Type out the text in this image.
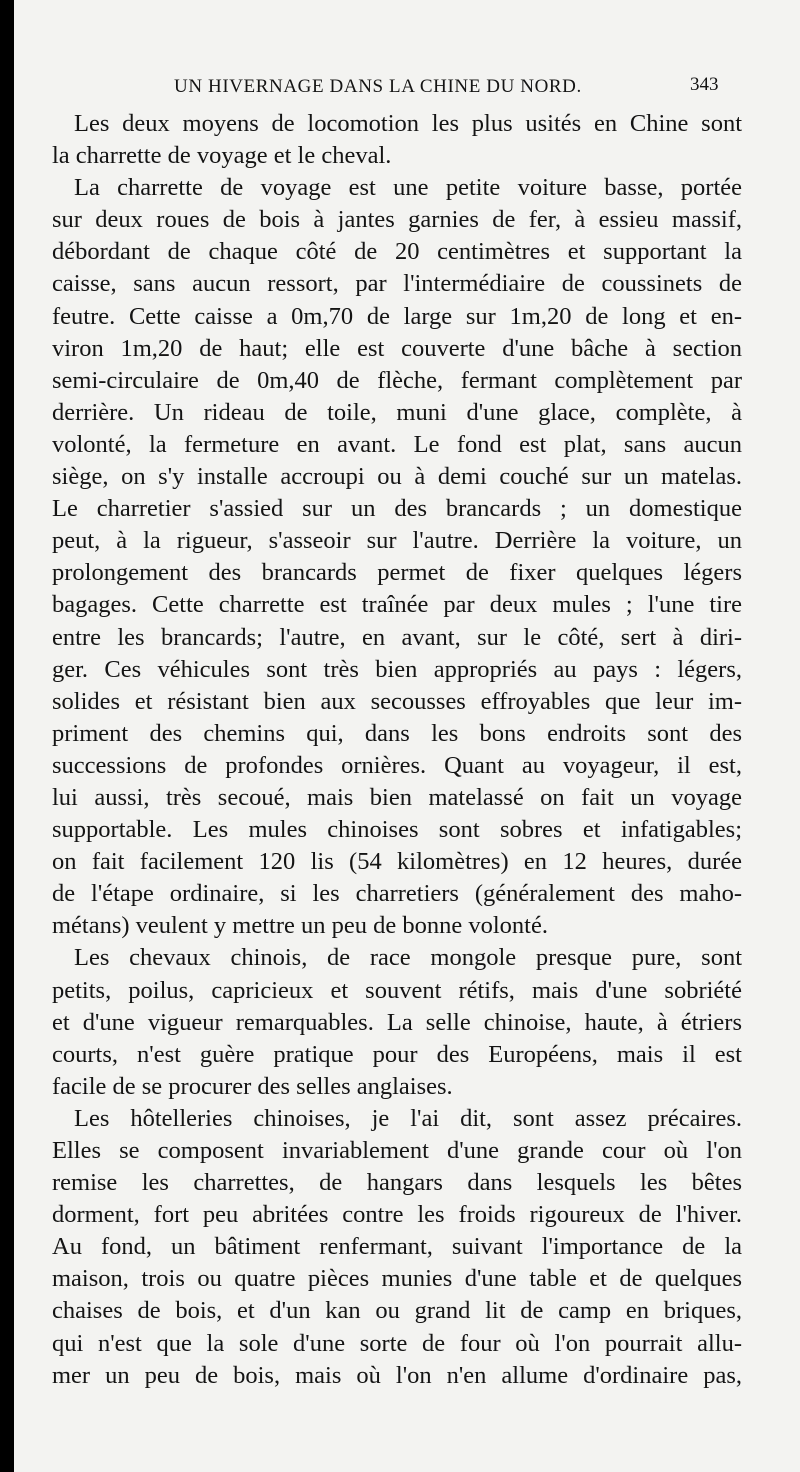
UN HIVERNAGE DANS LA CHINE DU NORD.	343
Les deux moyens de locomotion les plus usités en Chine sont
la charrette de voyage et le cheval.
La charrette de voyage est une petite voiture basse, portée
sur deux roues de bois à jantes garnies de fer, à essieu massif,
débordant de chaque côté de 20 centimètres et supportant la
caisse, sans aucun ressort, par l'intermédiaire de coussinets de
feutre. Cette caisse a 0m,70 de large sur 1m,20 de long et en-
viron 1m,20 de haut; elle est couverte d'une bâche à section
semi-circulaire de 0m,40 de flèche, fermant complètement par
derrière. Un rideau de toile, muni d'une glace, complète, à
volonté, la fermeture en avant. Le fond est plat, sans aucun
siège, on s'y installe accroupi ou à demi couché sur un matelas.
Le charretier s'assied sur un des brancards ; un domestique
peut, à la rigueur, s'asseoir sur l'autre. Derrière la voiture, un
prolongement des brancards permet de fixer quelques légers
bagages. Cette charrette est traînée par deux mules ; l'une tire
entre les brancards; l'autre, en avant, sur le côté, sert à diri-
ger. Ces véhicules sont très bien appropriés au pays : légers,
solides et résistant bien aux secousses effroyables que leur im-
priment des chemins qui, dans les bons endroits sont des
successions de profondes ornières. Quant au voyageur, il est,
lui aussi, très secoué, mais bien matelassé on fait un voyage
supportable. Les mules chinoises sont sobres et infatigables;
on fait facilement 120 lis (54 kilomètres) en 12 heures, durée
de l'étape ordinaire, si les charretiers (généralement des maho-
métans) veulent y mettre un peu de bonne volonté.
Les chevaux chinois, de race mongole presque pure, sont
petits, poilus, capricieux et souvent rétifs, mais d'une sobriété
et d'une vigueur remarquables. La selle chinoise, haute, à étriers
courts, n'est guère pratique pour des Européens, mais il est
facile de se procurer des selles anglaises.
Les hôtelleries chinoises, je l'ai dit, sont assez précaires.
Elles se composent invariablement d'une grande cour où l'on
remise les charrettes, de hangars dans lesquels les bêtes
dorment, fort peu abritées contre les froids rigoureux de l'hiver.
Au fond, un bâtiment renfermant, suivant l'importance de la
maison, trois ou quatre pièces munies d'une table et de quelques
chaises de bois, et d'un kan ou grand lit de camp en briques,
qui n'est que la sole d'une sorte de four où l'on pourrait allu-
mer un peu de bois, mais où l'on n'en allume d'ordinaire pas,
